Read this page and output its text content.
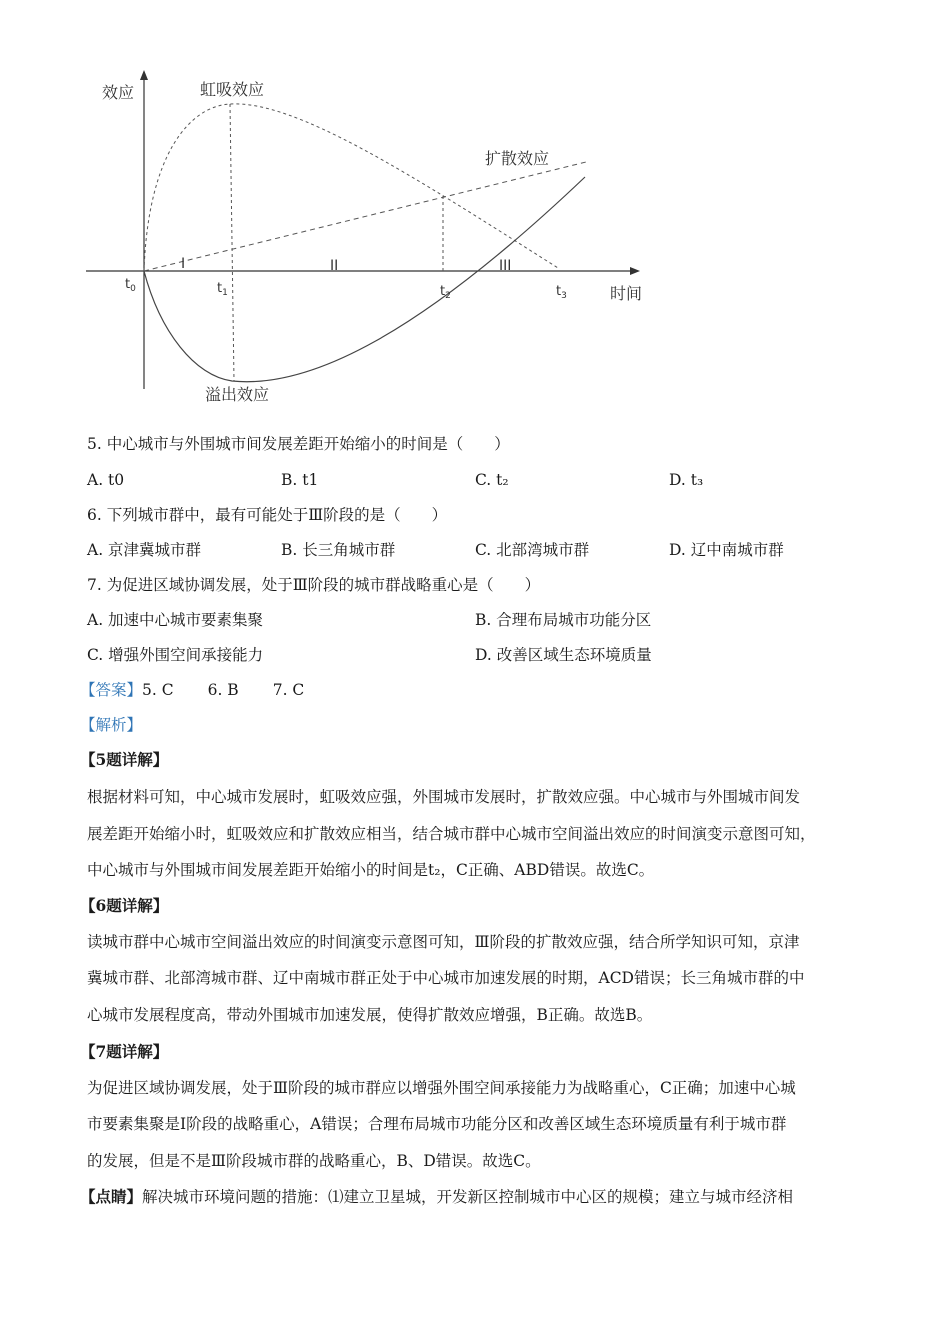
效应	虹吸效应
扩散效应
溢出效应
时间
I	II	III
$t_0$	$t_1$	$t_2$	$t_3$
5. 中心城市与外围城市间发展差距开始缩小的时间是（　　）
A. t0	B. t1	C. t₂	D. t₃
6. 下列城市群中，最有可能处于Ⅲ阶段的是（　　）
A. 京津冀城市群	B. 长三角城市群	C. 北部湾城市群	D. 辽中南城市群
7. 为促进区域协调发展，处于Ⅲ阶段的城市群战略重心是（　　）
A. 加速中心城市要素集聚	B. 合理布局城市功能分区
C. 增强外围空间承接能力	D. 改善区域生态环境质量
【答案】5. C 6. B 7. C
【解析】
【5题详解】
根据材料可知，中心城市发展时，虹吸效应强，外围城市发展时，扩散效应强。中心城市与外围城市间发
展差距开始缩小时，虹吸效应和扩散效应相当，结合城市群中心城市空间溢出效应的时间演变示意图可知，
中心城市与外围城市间发展差距开始缩小的时间是t₂，C正确、ABD错误。故选C。
【6题详解】
读城市群中心城市空间溢出效应的时间演变示意图可知，Ⅲ阶段的扩散效应强，结合所学知识可知，京津
冀城市群、北部湾城市群、辽中南城市群正处于中心城市加速发展的时期，ACD错误；长三角城市群的中
心城市发展程度高，带动外围城市加速发展，使得扩散效应增强，B正确。故选B。
【7题详解】
为促进区域协调发展，处于Ⅲ阶段的城市群应以增强外围空间承接能力为战略重心，C正确；加速中心城
市要素集聚是Ⅰ阶段的战略重心，A错误；合理布局城市功能分区和改善区域生态环境质量有利于城市群
的发展，但是不是Ⅲ阶段城市群的战略重心，B、D错误。故选C。
【点睛】解决城市环境问题的措施：⑴建立卫星城，开发新区控制城市中心区的规模；建立与城市经济相
